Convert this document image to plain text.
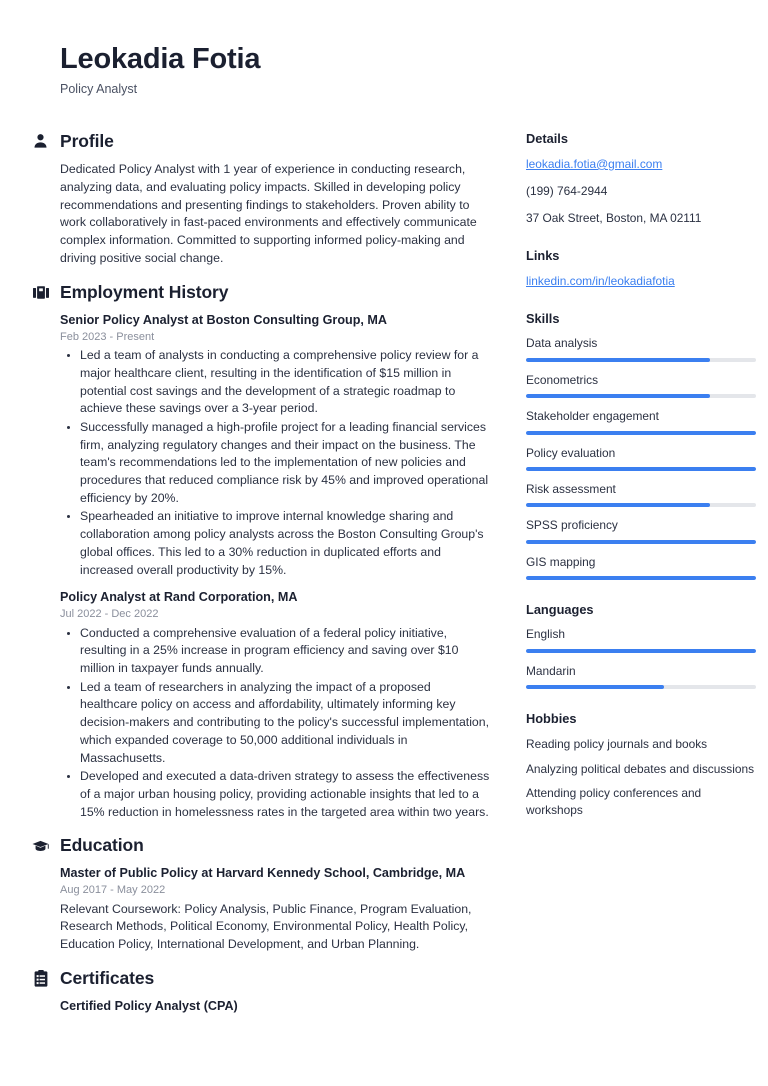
Leokadia Fotia
Policy Analyst
Profile
Dedicated Policy Analyst with 1 year of experience in conducting research, analyzing data, and evaluating policy impacts. Skilled in developing policy recommendations and presenting findings to stakeholders. Proven ability to work collaboratively in fast-paced environments and effectively communicate complex information. Committed to supporting informed policy-making and driving positive social change.
Employment History
Senior Policy Analyst at Boston Consulting Group, MA
Feb 2023 - Present
• Led a team of analysts in conducting a comprehensive policy review for a major healthcare client, resulting in the identification of $15 million in potential cost savings and the development of a strategic roadmap to achieve these savings over a 3-year period.
• Successfully managed a high-profile project for a leading financial services firm, analyzing regulatory changes and their impact on the business. The team's recommendations led to the implementation of new policies and procedures that reduced compliance risk by 45% and improved operational efficiency by 20%.
• Spearheaded an initiative to improve internal knowledge sharing and collaboration among policy analysts across the Boston Consulting Group's global offices. This led to a 30% reduction in duplicated efforts and increased overall productivity by 15%.
Policy Analyst at Rand Corporation, MA
Jul 2022 - Dec 2022
• Conducted a comprehensive evaluation of a federal policy initiative, resulting in a 25% increase in program efficiency and saving over $10 million in taxpayer funds annually.
• Led a team of researchers in analyzing the impact of a proposed healthcare policy on access and affordability, ultimately informing key decision-makers and contributing to the policy's successful implementation, which expanded coverage to 50,000 additional individuals in Massachusetts.
• Developed and executed a data-driven strategy to assess the effectiveness of a major urban housing policy, providing actionable insights that led to a 15% reduction in homelessness rates in the targeted area within two years.
Education
Master of Public Policy at Harvard Kennedy School, Cambridge, MA
Aug 2017 - May 2022
Relevant Coursework: Policy Analysis, Public Finance, Program Evaluation, Research Methods, Political Economy, Environmental Policy, Health Policy, Education Policy, International Development, and Urban Planning.
Certificates
Certified Policy Analyst (CPA)
Details
leokadia.fotia@gmail.com
(199) 764-2944
37 Oak Street, Boston, MA 02111
Links
linkedin.com/in/leokadiafotia
Skills
Data analysis
Econometrics
Stakeholder engagement
Policy evaluation
Risk assessment
SPSS proficiency
GIS mapping
Languages
English
Mandarin
Hobbies
Reading policy journals and books
Analyzing political debates and discussions
Attending policy conferences and workshops
